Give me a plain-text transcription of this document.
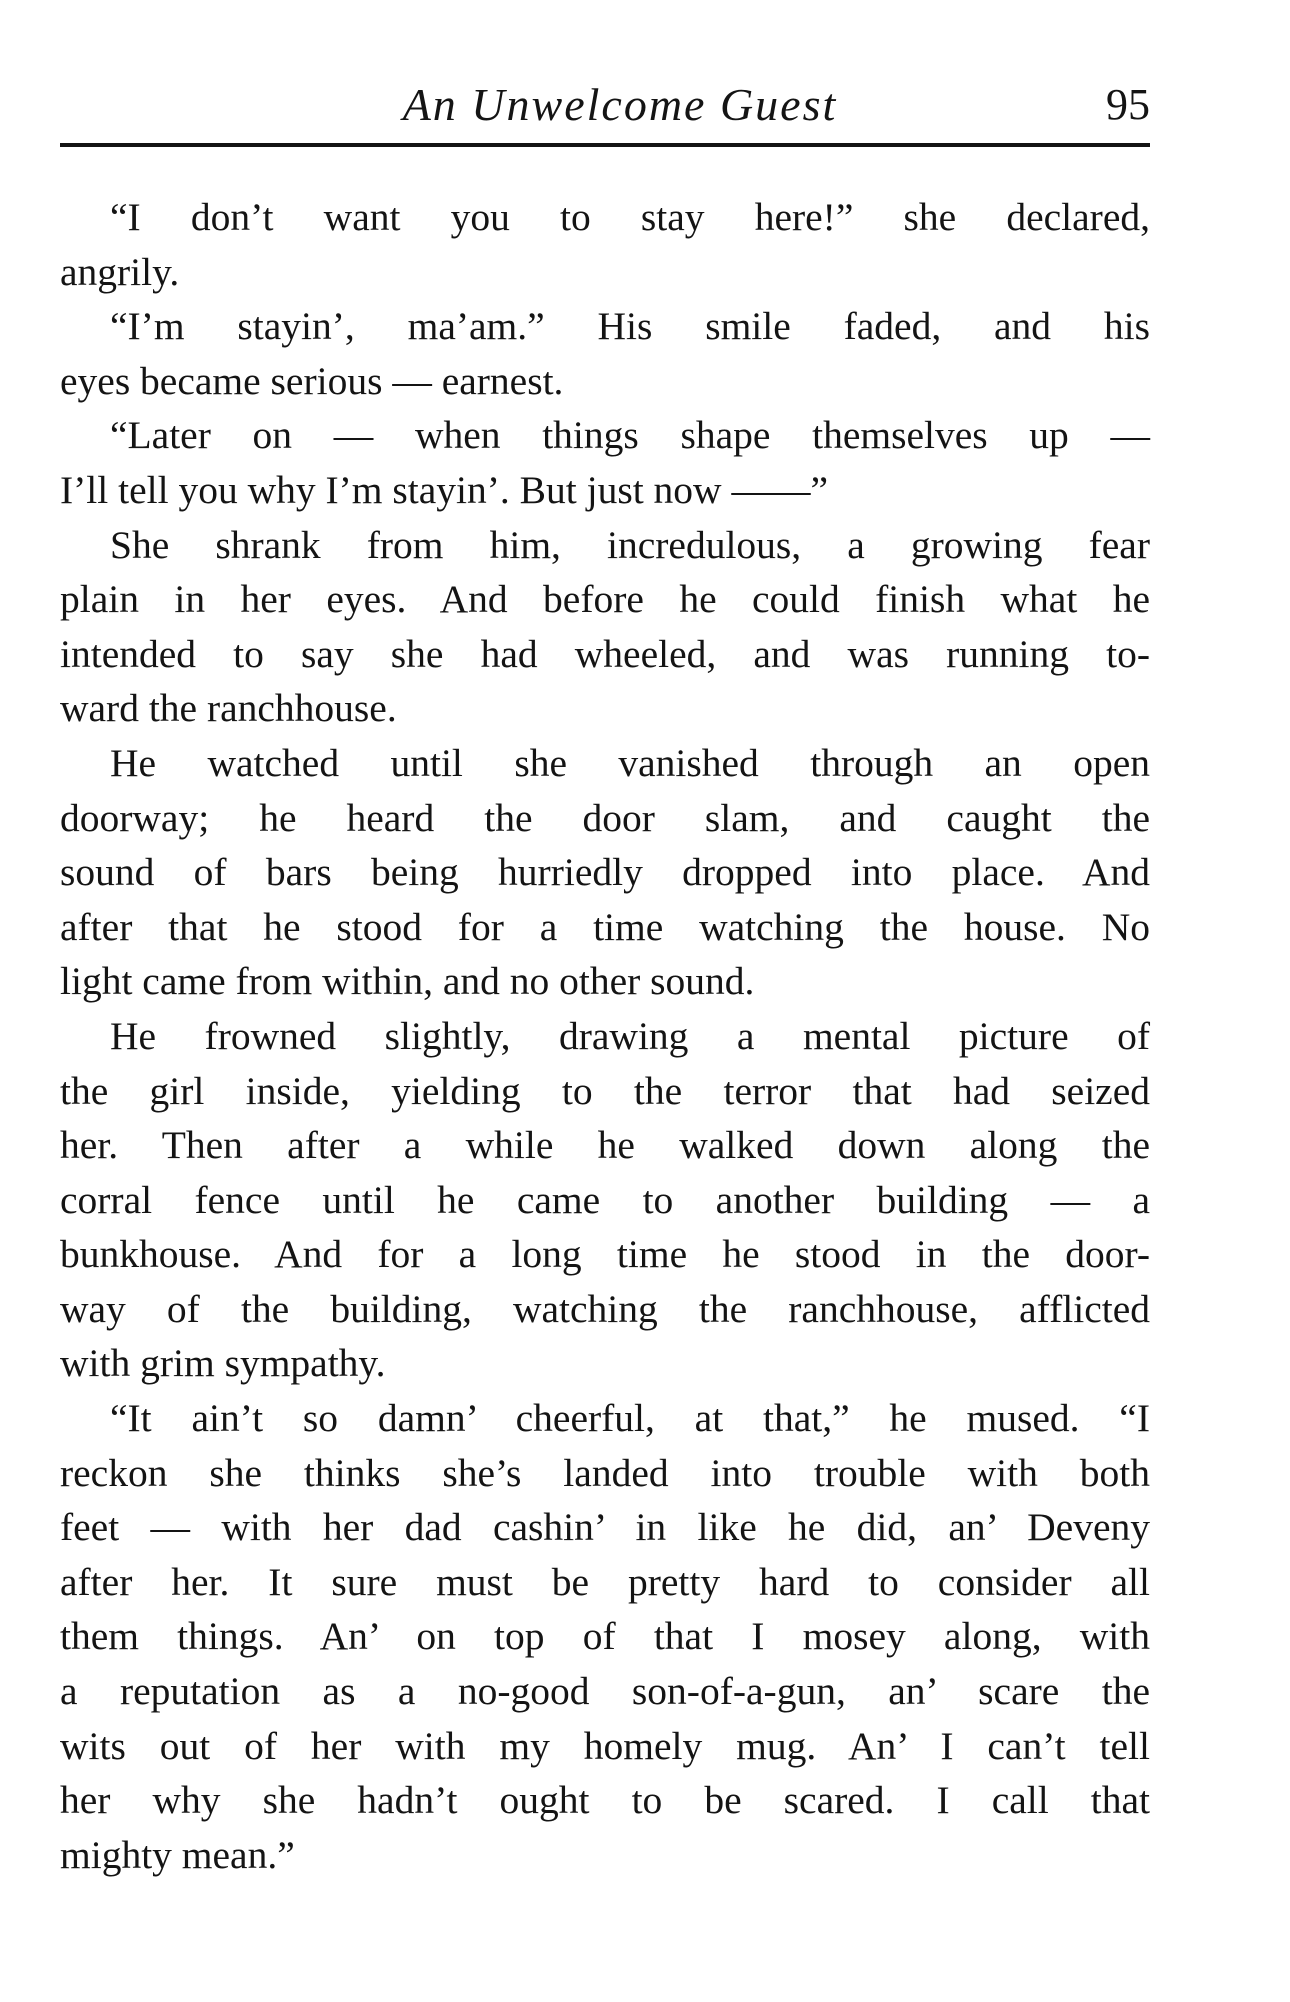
An Unwelcome Guest	95

“I don’t want you to stay here!” she declared,
angrily.

“I’m stayin’, ma’am.” His smile faded, and his
eyes became serious — earnest.

“Later on — when things shape themselves up —
I’ll tell you why I’m stayin’. But just now ——”

She shrank from him, incredulous, a growing fear
plain in her eyes. And before he could finish what he
intended to say she had wheeled, and was running to-
ward the ranchhouse.

He watched until she vanished through an open
doorway; he heard the door slam, and caught the
sound of bars being hurriedly dropped into place. And
after that he stood for a time watching the house. No
light came from within, and no other sound.

He frowned slightly, drawing a mental picture of
the girl inside, yielding to the terror that had seized
her. Then after a while he walked down along the
corral fence until he came to another building — a
bunkhouse. And for a long time he stood in the door-
way of the building, watching the ranchhouse, afflicted
with grim sympathy.

“It ain’t so damn’ cheerful, at that,” he mused. “I
reckon she thinks she’s landed into trouble with both
feet — with her dad cashin’ in like he did, an’ Deveny
after her. It sure must be pretty hard to consider all
them things. An’ on top of that I mosey along, with
a reputation as a no-good son-of-a-gun, an’ scare the
wits out of her with my homely mug. An’ I can’t tell
her why she hadn’t ought to be scared. I call that
mighty mean.”
